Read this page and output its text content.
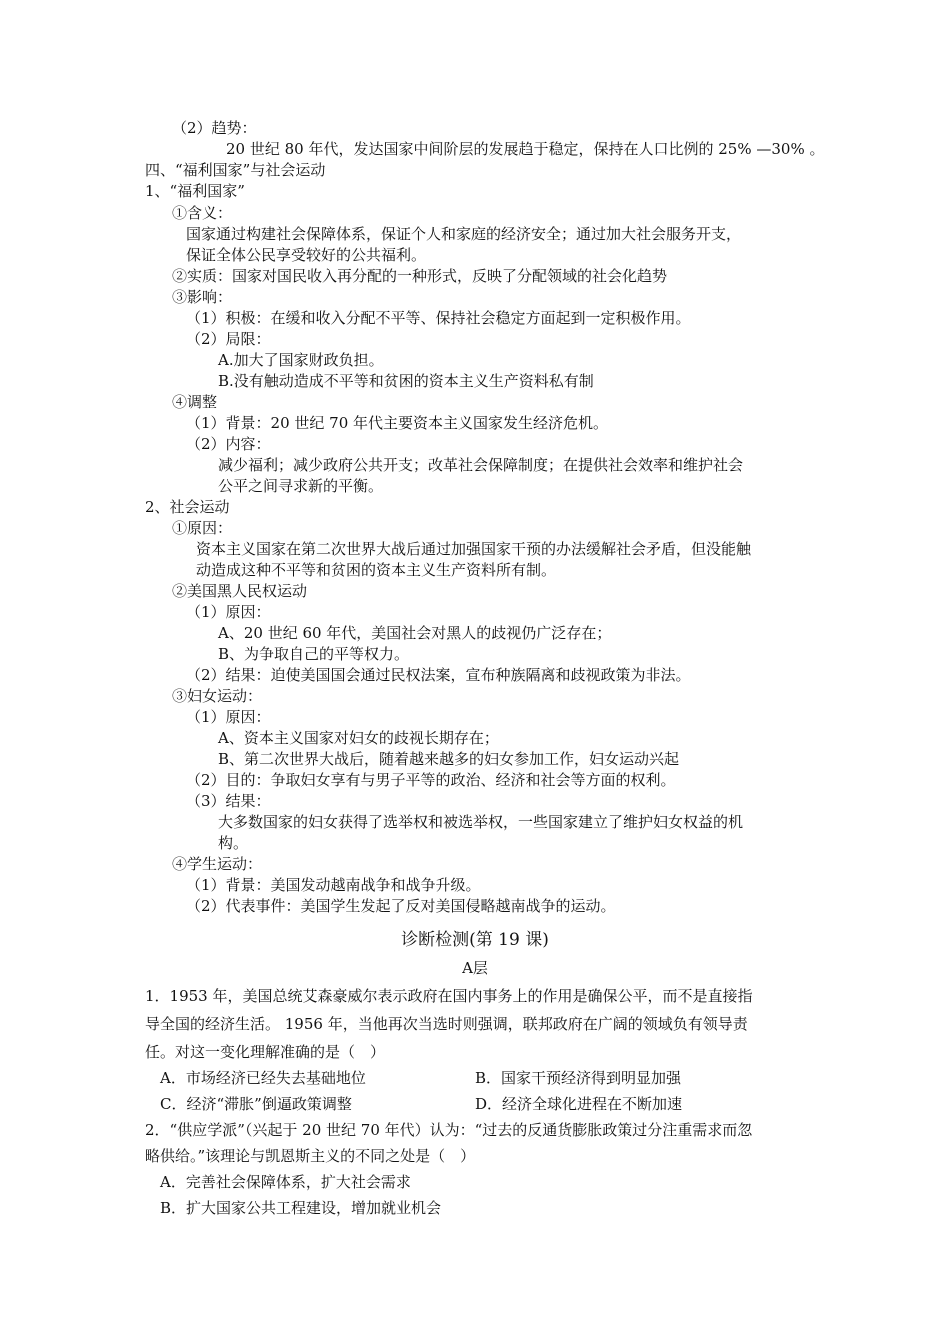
（2）趋势：
20 世纪 80 年代，发达国家中间阶层的发展趋于稳定，保持在人口比例的 25% —30% 。
四、“福利国家”与社会运动
1、“福利国家”
①含义：
国家通过构建社会保障体系，保证个人和家庭的经济安全；通过加大社会服务开支，
保证全体公民享受较好的公共福利。
②实质：国家对国民收入再分配的一种形式，反映了分配领域的社会化趋势
③影响：
（1）积极：在缓和收入分配不平等、保持社会稳定方面起到一定积极作用。
（2）局限：
A.加大了国家财政负担。
B.没有触动造成不平等和贫困的资本主义生产资料私有制
④调整
（1）背景：20 世纪 70 年代主要资本主义国家发生经济危机。
（2）内容：
减少福利；减少政府公共开支；改革社会保障制度；在提供社会效率和维护社会
公平之间寻求新的平衡。
2、社会运动
①原因：
资本主义国家在第二次世界大战后通过加强国家干预的办法缓解社会矛盾，但没能触
动造成这种不平等和贫困的资本主义生产资料所有制。
②美国黑人民权运动
（1）原因：
A、20 世纪 60 年代，美国社会对黑人的歧视仍广泛存在；
B、为争取自己的平等权力。
（2）结果：迫使美国国会通过民权法案，宣布种族隔离和歧视政策为非法。
③妇女运动：
（1）原因：
A、资本主义国家对妇女的歧视长期存在；
B、第二次世界大战后，随着越来越多的妇女参加工作，妇女运动兴起
（2）目的：争取妇女享有与男子平等的政治、经济和社会等方面的权利。
（3）结果：
大多数国家的妇女获得了选举权和被选举权，一些国家建立了维护妇女权益的机
构。
④学生运动：
（1）背景：美国发动越南战争和战争升级。
（2）代表事件：美国学生发起了反对美国侵略越南战争的运动。
诊断检测(第 19 课)
A层
1．1953 年，美国总统艾森豪威尔表示政府在国内事务上的作用是确保公平，而不是直接指
导全国的经济生活。 1956 年，当他再次当选时则强调，联邦政府在广阔的领域负有领导责
任。对这一变化理解准确的是（　）
A．市场经济已经失去基础地位	B．国家干预经济得到明显加强
C．经济“滞胀”倒逼政策调整	D．经济全球化进程在不断加速
2．“供应学派”（兴起于 20 世纪 70 年代）认为：“过去的反通货膨胀政策过分注重需求而忽
略供给。”该理论与凯恩斯主义的不同之处是（　）
A．完善社会保障体系，扩大社会需求
B．扩大国家公共工程建设，增加就业机会
